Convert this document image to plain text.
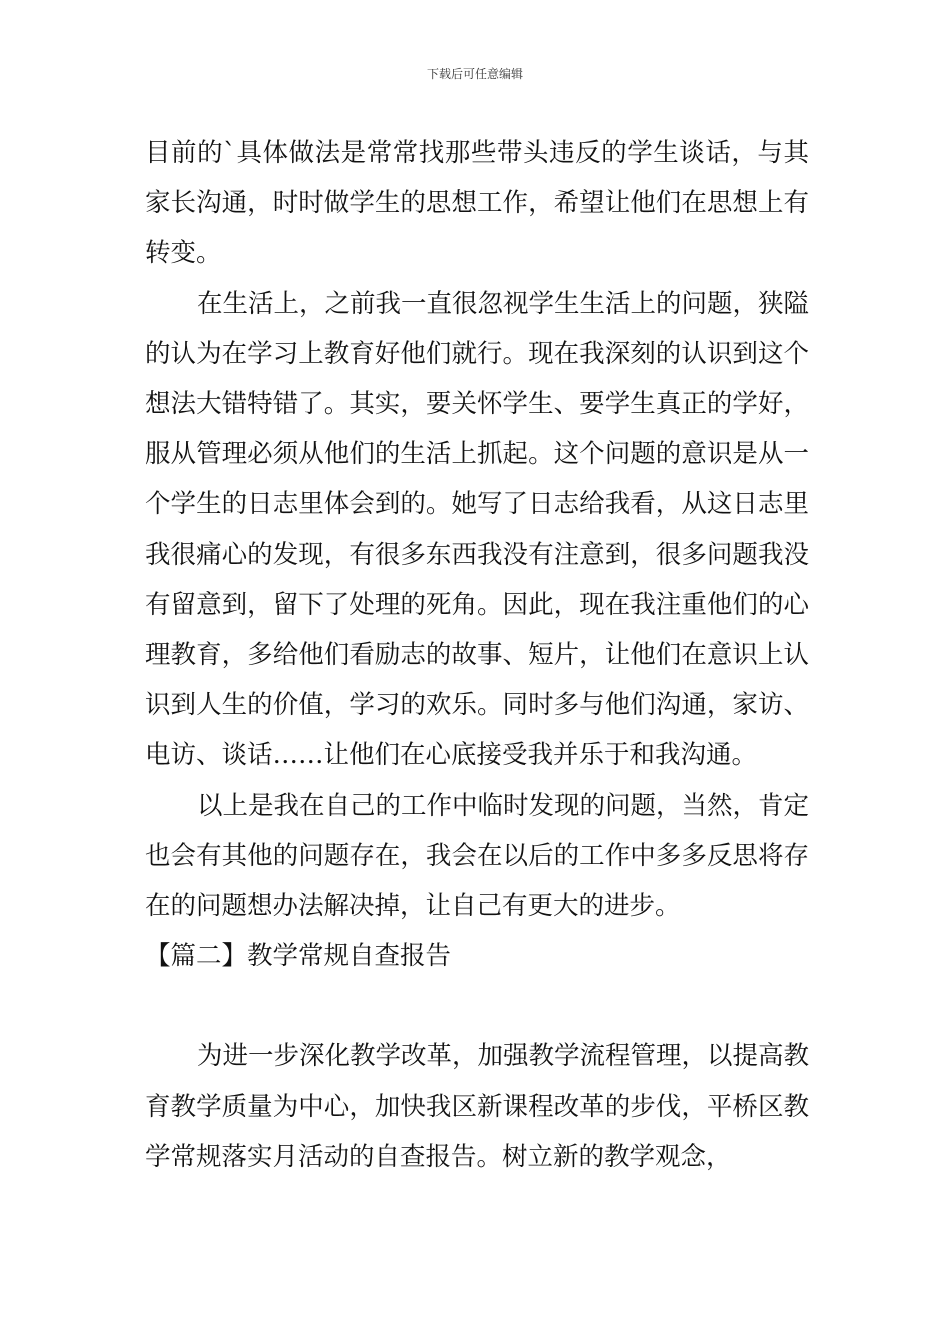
下载后可任意编辑

目前的`具体做法是常常找那些带头违反的学生谈话，与其家长沟通，时时做学生的思想工作，希望让他们在思想上有转变。

在生活上，之前我一直很忽视学生生活上的问题，狭隘的认为在学习上教育好他们就行。现在我深刻的认识到这个想法大错特错了。其实，要关怀学生、要学生真正的学好，服从管理必须从他们的生活上抓起。这个问题的意识是从一个学生的日志里体会到的。她写了日志给我看，从这日志里我很痛心的发现，有很多东西我没有注意到，很多问题我没有留意到，留下了处理的死角。因此，现在我注重他们的心理教育，多给他们看励志的故事、短片，让他们在意识上认识到人生的价值，学习的欢乐。同时多与他们沟通，家访、电访、谈话……让他们在心底接受我并乐于和我沟通。

以上是我在自己的工作中临时发现的问题，当然，肯定也会有其他的问题存在，我会在以后的工作中多多反思将存在的问题想办法解决掉，让自己有更大的进步。

【篇二】教学常规自查报告

为进一步深化教学改革，加强教学流程管理，以提高教育教学质量为中心，加快我区新课程改革的步伐，平桥区教学常规落实月活动的自查报告。树立新的教学观念，
